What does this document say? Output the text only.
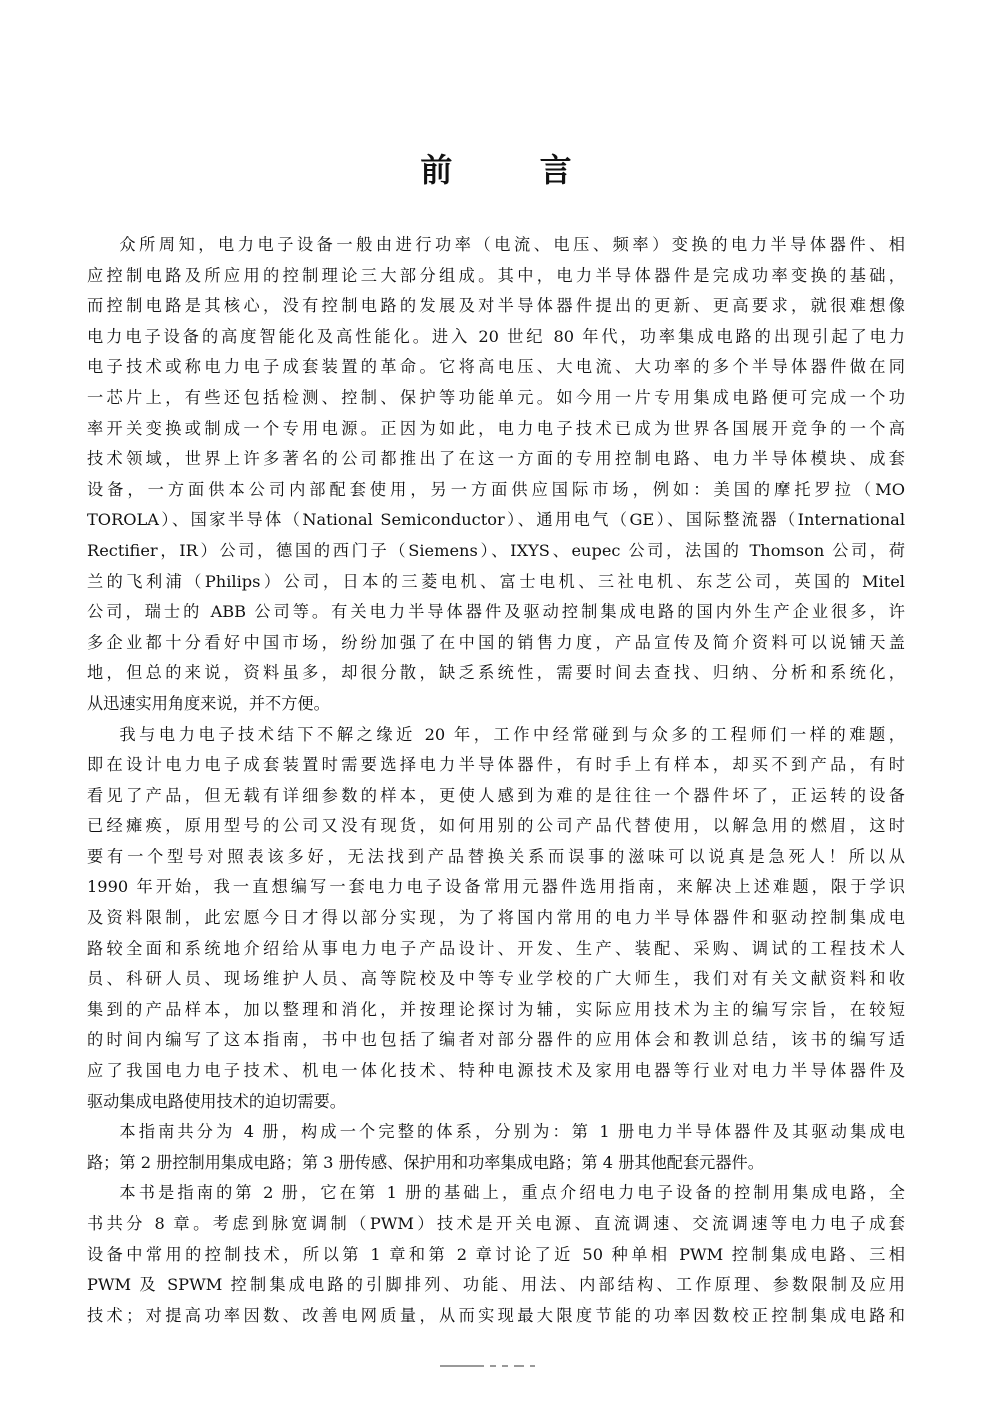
前 言
众所周知，电力电子设备一般由进行功率（电流、电压、频率）变换的电力半导体器件、相
应控制电路及所应用的控制理论三大部分组成。其中，电力半导体器件是完成功率变换的基础，
而控制电路是其核心，没有控制电路的发展及对半导体器件提出的更新、更高要求，就很难想像
电力电子设备的高度智能化及高性能化。进入 20 世纪 80 年代，功率集成电路的出现引起了电力
电子技术或称电力电子成套装置的革命。它将高电压、大电流、大功率的多个半导体器件做在同
一芯片上，有些还包括检测、控制、保护等功能单元。如今用一片专用集成电路便可完成一个功
率开关变换或制成一个专用电源。正因为如此，电力电子技术已成为世界各国展开竞争的一个高
技术领域，世界上许多著名的公司都推出了在这一方面的专用控制电路、电力半导体模块、成套
设备，一方面供本公司内部配套使用，另一方面供应国际市场，例如：美国的摩托罗拉（MO
TOROLA）、国家半导体（National Semiconductor）、通用电气（GE）、国际整流器（International
Rectifier，IR）公司，德国的西门子（Siemens）、IXYS、eupec 公司，法国的 Thomson 公司，荷
兰的飞利浦（Philips）公司，日本的三菱电机、富士电机、三社电机、东芝公司，英国的 Mitel
公司，瑞士的 ABB 公司等。有关电力半导体器件及驱动控制集成电路的国内外生产企业很多，许
多企业都十分看好中国市场，纷纷加强了在中国的销售力度，产品宣传及简介资料可以说铺天盖
地，但总的来说，资料虽多，却很分散，缺乏系统性，需要时间去查找、归纳、分析和系统化，
从迅速实用角度来说，并不方便。
我与电力电子技术结下不解之缘近 20 年，工作中经常碰到与众多的工程师们一样的难题，
即在设计电力电子成套装置时需要选择电力半导体器件，有时手上有样本，却买不到产品，有时
看见了产品，但无载有详细参数的样本，更使人感到为难的是往往一个器件坏了，正运转的设备
已经瘫痪，原用型号的公司又没有现货，如何用别的公司产品代替使用，以解急用的燃眉，这时
要有一个型号对照表该多好，无法找到产品替换关系而误事的滋味可以说真是急死人！所以从
1990 年开始，我一直想编写一套电力电子设备常用元器件选用指南，来解决上述难题，限于学识
及资料限制，此宏愿今日才得以部分实现，为了将国内常用的电力半导体器件和驱动控制集成电
路较全面和系统地介绍给从事电力电子产品设计、开发、生产、装配、采购、调试的工程技术人
员、科研人员、现场维护人员、高等院校及中等专业学校的广大师生，我们对有关文献资料和收
集到的产品样本，加以整理和消化，并按理论探讨为辅，实际应用技术为主的编写宗旨，在较短
的时间内编写了这本指南，书中也包括了编者对部分器件的应用体会和教训总结，该书的编写适
应了我国电力电子技术、机电一体化技术、特种电源技术及家用电器等行业对电力半导体器件及
驱动集成电路使用技术的迫切需要。
本指南共分为 4 册，构成一个完整的体系，分别为：第 1 册电力半导体器件及其驱动集成电
路；第 2 册控制用集成电路；第 3 册传感、保护用和功率集成电路；第 4 册其他配套元器件。
本书是指南的第 2 册，它在第 1 册的基础上，重点介绍电力电子设备的控制用集成电路，全
书共分 8 章。考虑到脉宽调制（PWM）技术是开关电源、直流调速、交流调速等电力电子成套
设备中常用的控制技术，所以第 1 章和第 2 章讨论了近 50 种单相 PWM 控制集成电路、三相
PWM 及 SPWM 控制集成电路的引脚排列、功能、用法、内部结构、工作原理、参数限制及应用
技术；对提高功率因数、改善电网质量，从而实现最大限度节能的功率因数校正控制集成电路和
